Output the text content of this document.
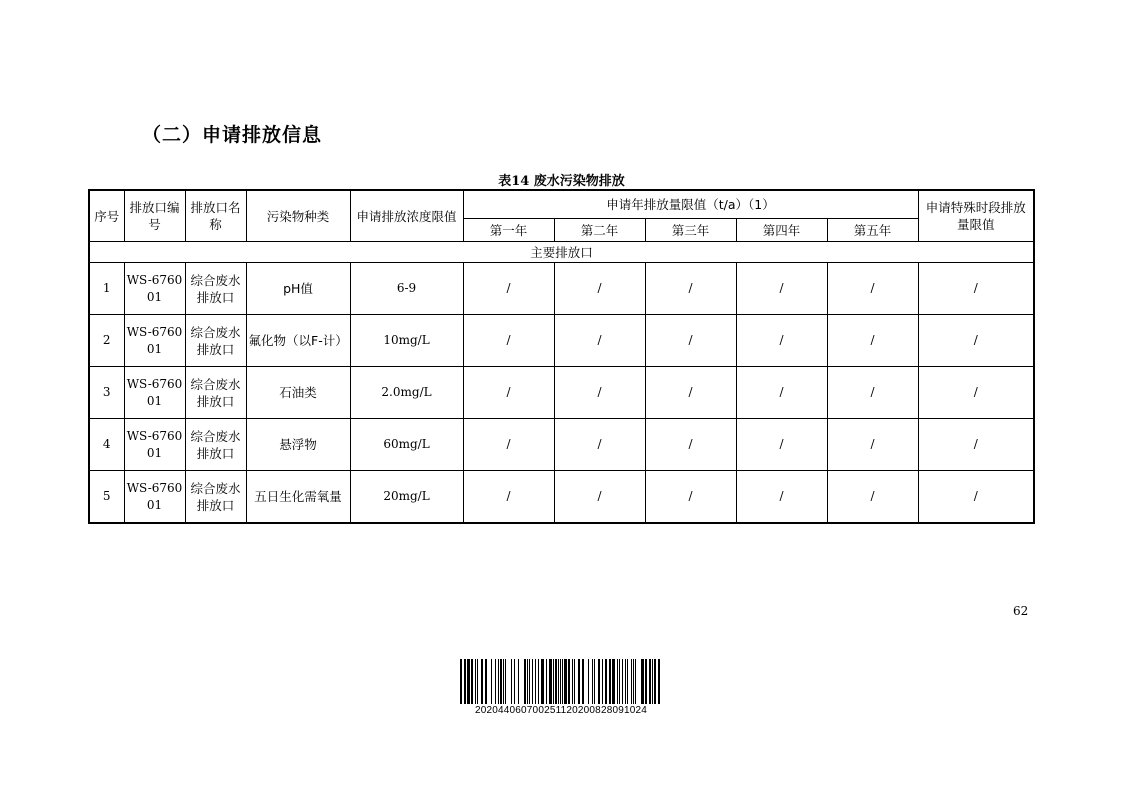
（二）申请排放信息
表14 废水污染物排放
序号	排放口编号	排放口名称	污染物种类	申请排放浓度限值	申请年排放量限值（t/a）（1）					申请特殊时段排放量限值
					第一年	第二年	第三年	第四年	第五年	
主要排放口										
1	WS-676001	综合废水排放口	pH值	6-9	/	/	/	/	/	/
2	WS-676001	综合废水排放口	氟化物（以F-计）	10mg/L	/	/	/	/	/	/
3	WS-676001	综合废水排放口	石油类	2.0mg/L	/	/	/	/	/	/
4	WS-676001	综合废水排放口	悬浮物	60mg/L	/	/	/	/	/	/
5	WS-676001	综合废水排放口	五日生化需氧量	20mg/L	/	/	/	/	/	/
62
20204406070025112020082809102​4
